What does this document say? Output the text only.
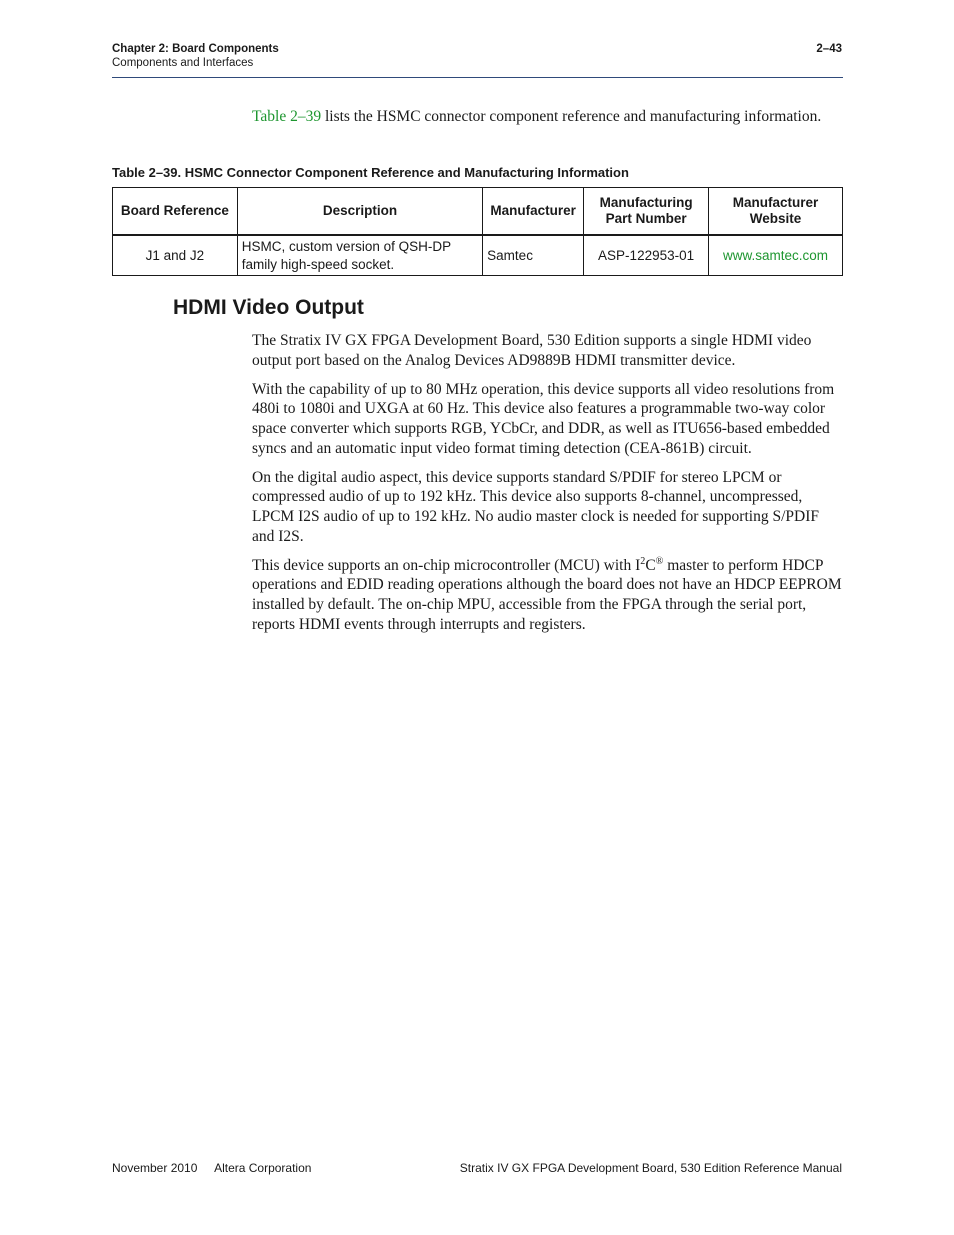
Chapter 2: Board Components	2–43
Components and Interfaces

Table 2–39 lists the HSMC connector component reference and manufacturing information.

Table 2–39. HSMC Connector Component Reference and Manufacturing Information
Board Reference	Description	Manufacturer	Manufacturing Part Number	Manufacturer Website
J1 and J2	HSMC, custom version of QSH-DP family high-speed socket.	Samtec	ASP-122953-01	www.samtec.com
HDMI Video Output

The Stratix IV GX FPGA Development Board, 530 Edition supports a single HDMI video output port based on the Analog Devices AD9889B HDMI transmitter device.

With the capability of up to 80 MHz operation, this device supports all video resolutions from 480i to 1080i and UXGA at 60 Hz. This device also features a programmable two-way color space converter which supports RGB, YCbCr, and DDR, as well as ITU656-based embedded syncs and an automatic input video format timing detection (CEA-861B) circuit.

On the digital audio aspect, this device supports standard S/PDIF for stereo LPCM or compressed audio of up to 192 kHz. This device also supports 8-channel, uncompressed, LPCM I2S audio of up to 192 kHz. No audio master clock is needed for supporting S/PDIF and I2S.

This device supports an on-chip microcontroller (MCU) with $I^2C®$ master to perform HDCP operations and EDID reading operations although the board does not have an HDCP EEPROM installed by default. The on-chip MPU, accessible from the FPGA through the serial port, reports HDMI events through interrupts and registers.

November 2010 Altera Corporation	Stratix IV GX FPGA Development Board, 530 Edition Reference Manual
